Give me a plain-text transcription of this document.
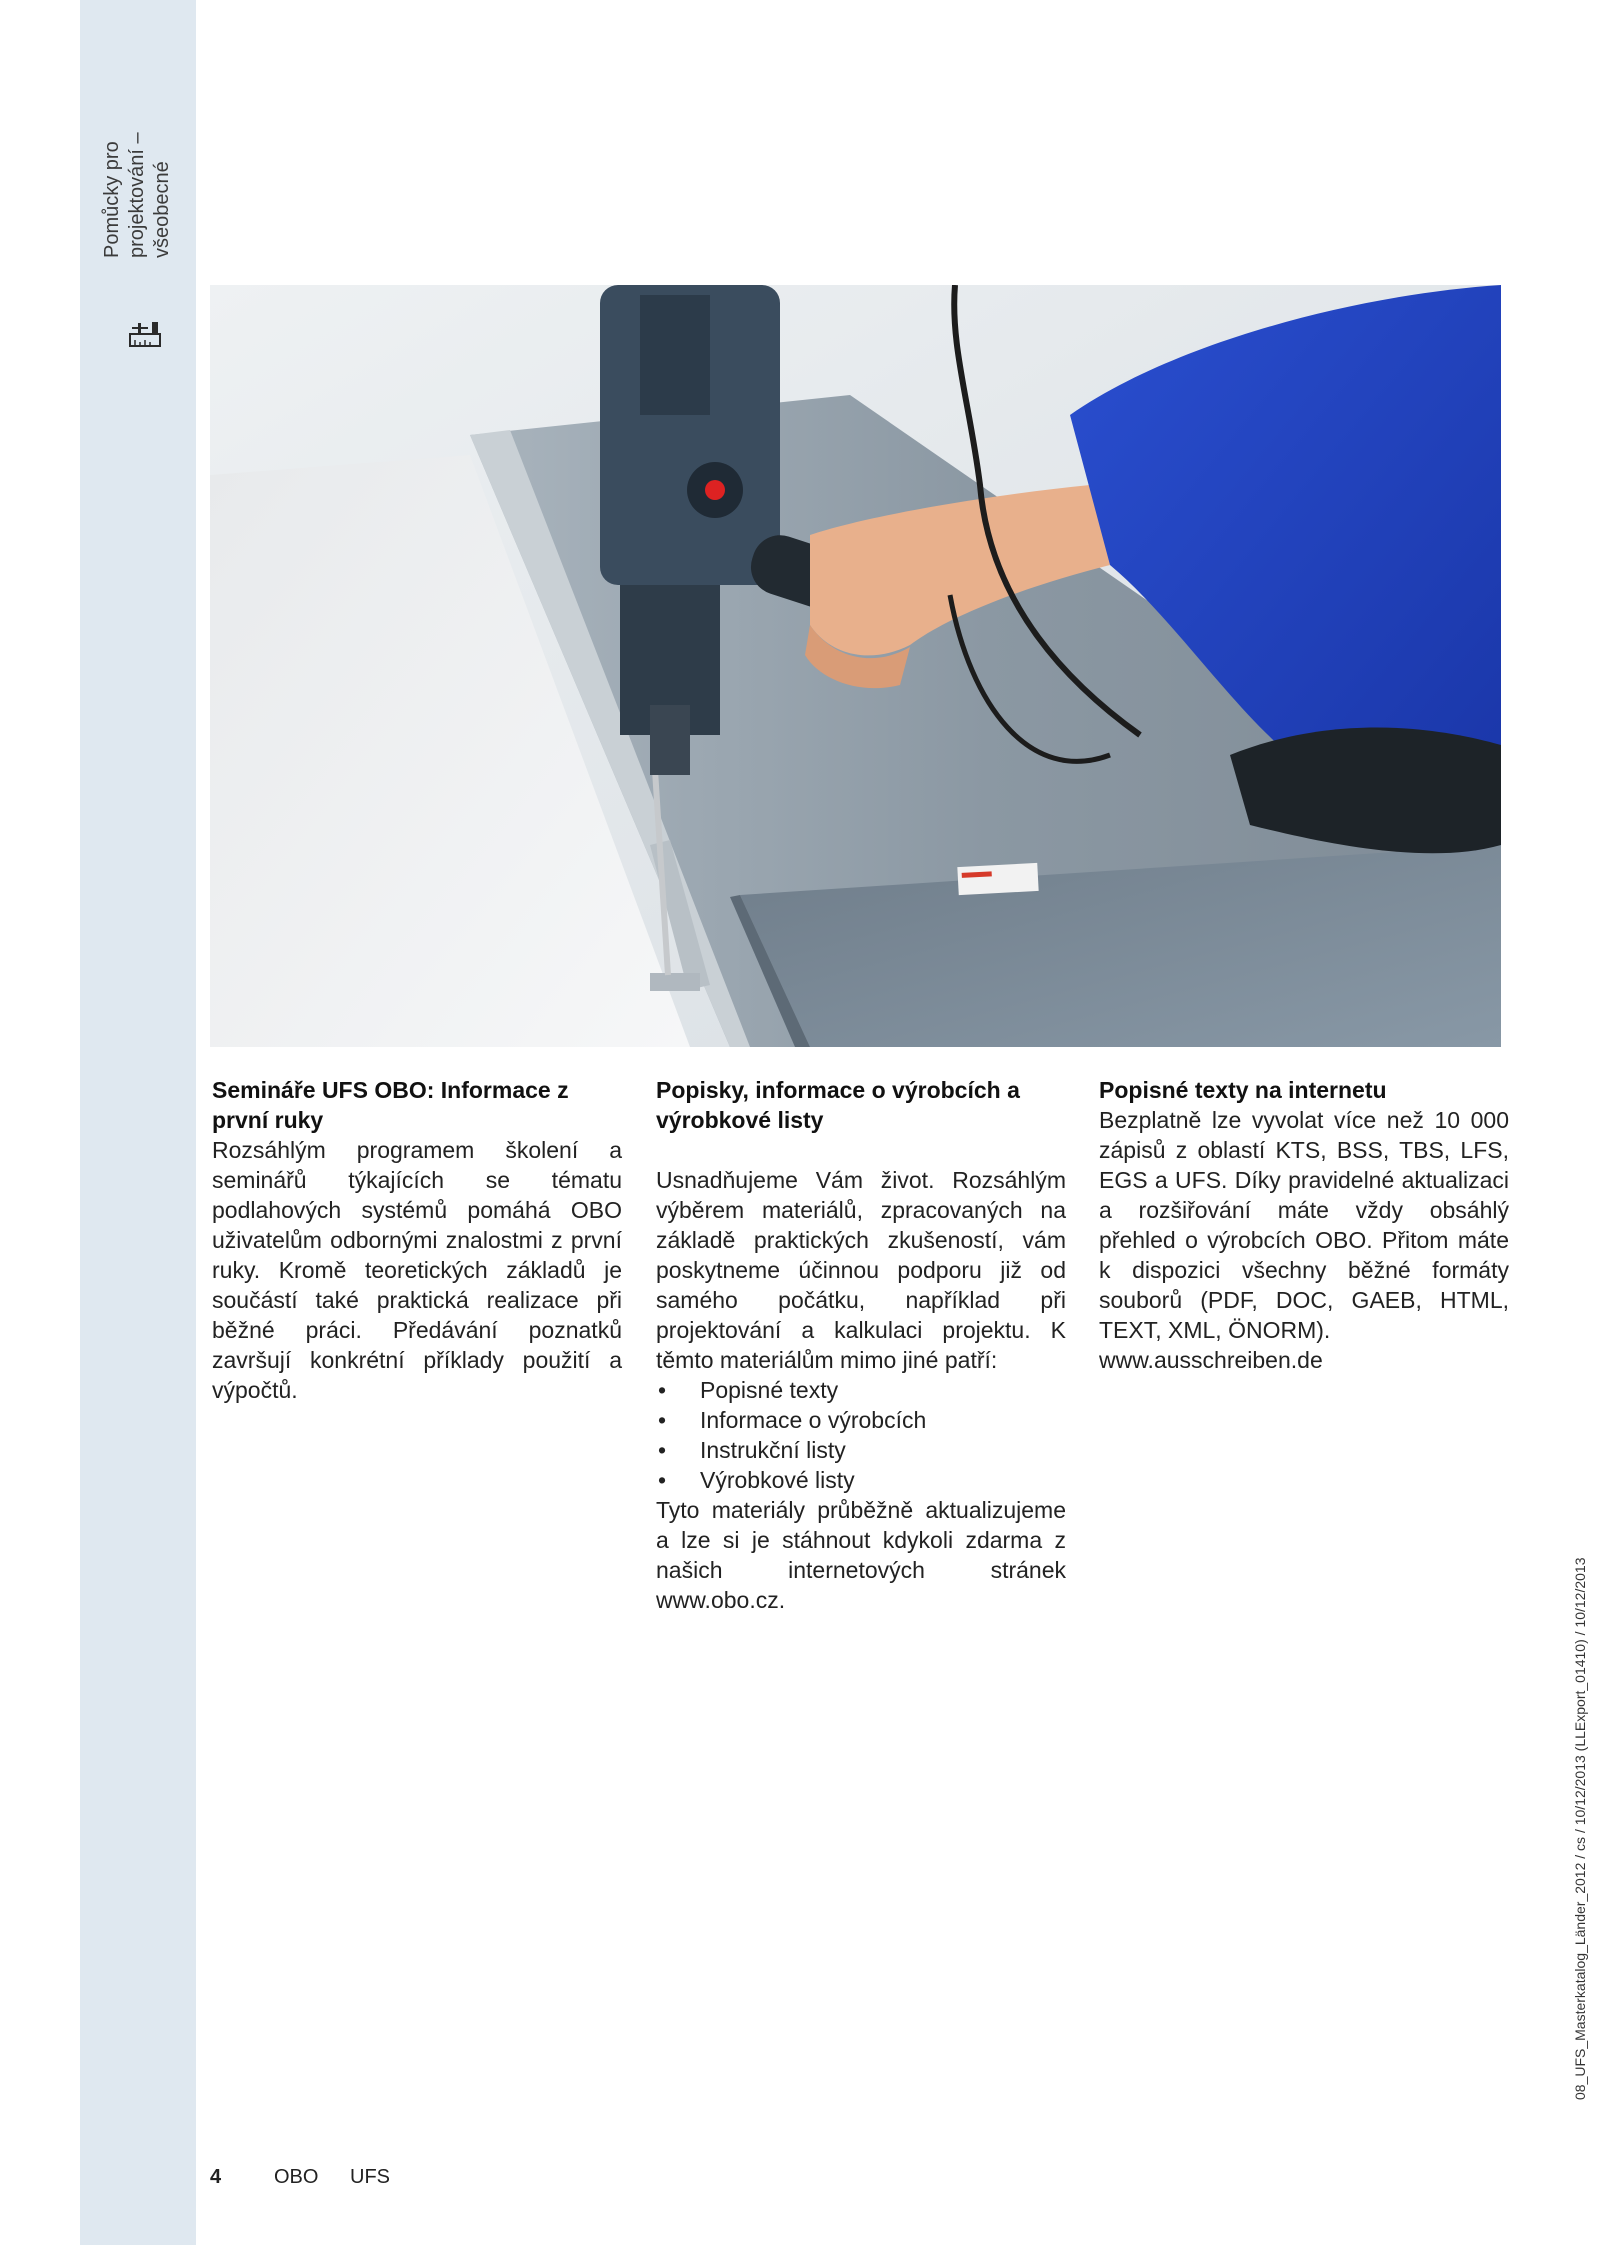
Pomůcky pro projektování – všeobecné
Semináře UFS OBO: Informace z první ruky

Rozsáhlým programem školení a seminářů týkajících se tématu podlahových systémů pomáhá OBO uživatelům odbornými znalostmi z první ruky. Kromě teoretických základů je součástí také praktická realizace při běžné práci. Předávání poznatků završují konkrétní příklady použití a výpočtů.

Popisky, informace o výrobcích a výrobkové listy

Usnadňujeme Vám život. Rozsáhlým výběrem materiálů, zpracovaných na základě praktických zkušeností, vám poskytneme účinnou podporu již od samého počátku, například při projektování a kalkulaci projektu. K těmto materiálům mimo jiné patří:

• Popisné texty
• Informace o výrobcích
• Instrukční listy
• Výrobkové listy

Tyto materiály průběžně aktualizujeme a lze si je stáhnout kdykoli zdarma z našich internetových stránek www.obo.cz.

Popisné texty na internetu

Bezplatně lze vyvolat více než 10 000 zápisů z oblastí KTS, BSS, TBS, LFS, EGS a UFS. Díky pravidelné aktualizaci a rozšiřování máte vždy obsáhlý přehled o výrobcích OBO. Přitom máte k dispozici všechny běžné formáty souborů (PDF, DOC, GAEB, HTML, TEXT, XML, ÖNORM).

www.ausschreiben.de

08_UFS_Masterkatalog_Länder_2012 / cs / 10/12/2013 (LLExport_01410) / 10/12/2013
4	OBO UFS
